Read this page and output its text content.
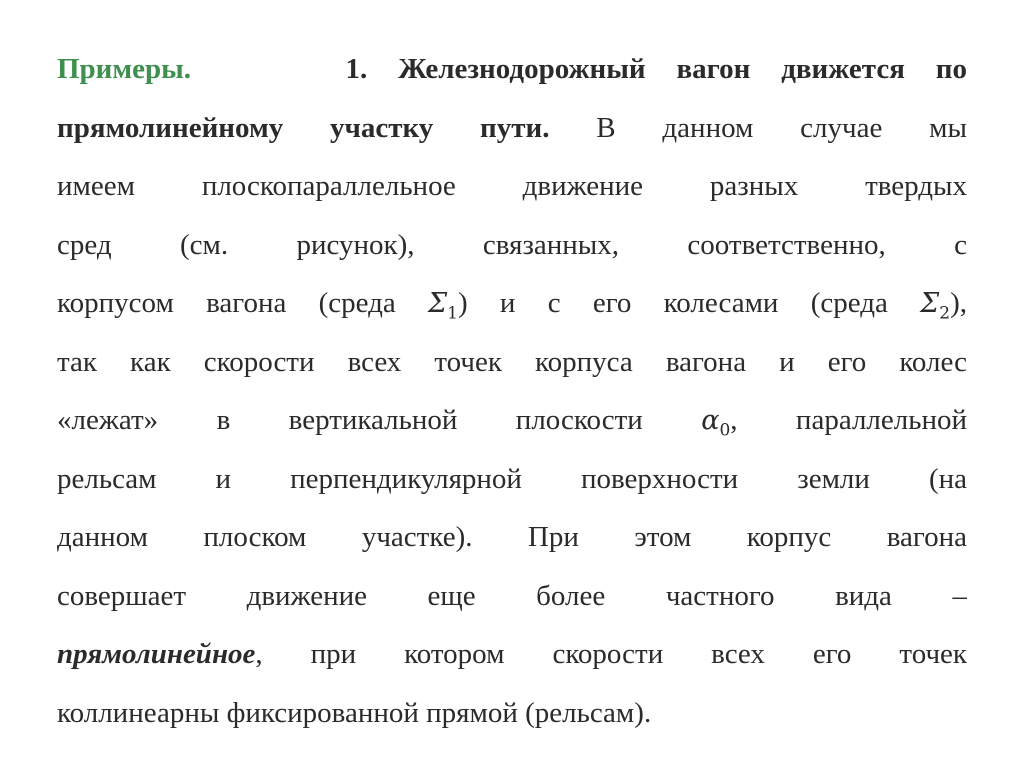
Примеры.	1. Железнодорожный вагон движется по
прямолинейному участку пути. В данном случае мы
имеем плоскопараллельное движение разных твердых
сред (см. рисунок), связанных, соответственно, с
корпусом вагона (среда $\Sigma_1$) и с его колесами (среда $\Sigma_2$),
так как скорости всех точек корпуса вагона и его колес
«лежат» в вертикальной плоскости $\alpha_0$, параллельной
рельсам и перпендикулярной поверхности земли (на
данном плоском участке). При этом корпус вагона
совершает движение еще более частного вида –
прямолинейное, при котором скорости всех его точек
коллинеарны фиксированной прямой (рельсам).
